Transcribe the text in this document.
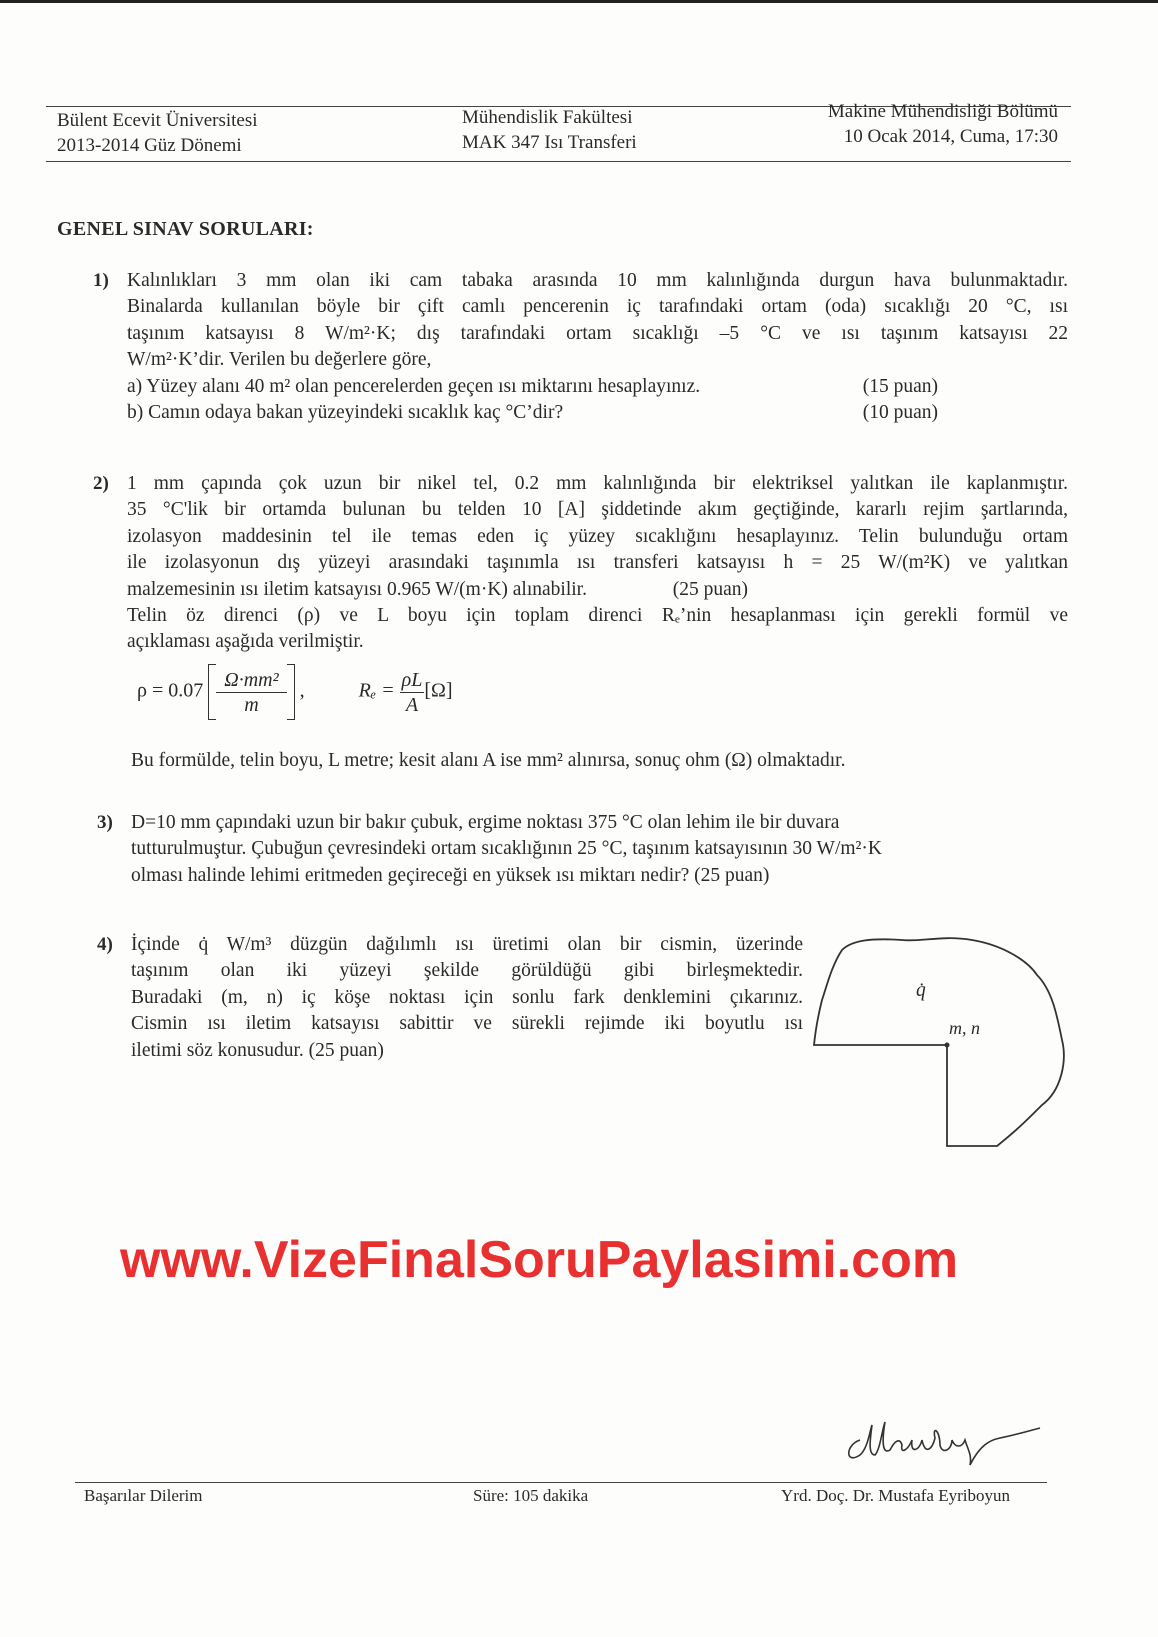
Bülent Ecevit Üniversitesi
2013-2014 Güz Dönemi
Mühendislik Fakültesi
MAK 347 Isı Transferi
Makine Mühendisliği Bölümü
10 Ocak 2014, Cuma, 17:30
GENEL SINAV SORULARI:
1) Kalınlıkları 3 mm olan iki cam tabaka arasında 10 mm kalınlığında durgun hava bulunmaktadır.
Binalarda kullanılan böyle bir çift camlı pencerenin iç tarafındaki ortam (oda) sıcaklığı 20 °C, ısı
taşınım katsayısı 8 W/m²·K; dış tarafındaki ortam sıcaklığı –5 °C ve ısı taşınım katsayısı 22
W/m²·K’dir. Verilen bu değerlere göre,
a) Yüzey alanı 40 m² olan pencerelerden geçen ısı miktarını hesaplayınız.	(15 puan)
b) Camın odaya bakan yüzeyindeki sıcaklık kaç °C’dir?	(10 puan)
2) 1 mm çapında çok uzun bir nikel tel, 0.2 mm kalınlığında bir elektriksel yalıtkan ile kaplanmıştır.
35 °C'lik bir ortamda bulunan bu telden 10 [A] şiddetinde akım geçtiğinde, kararlı rejim şartlarında,
izolasyon maddesinin tel ile temas eden iç yüzey sıcaklığını hesaplayınız. Telin bulunduğu ortam
ile izolasyonun dış yüzeyi arasındaki taşınımla ısı transferi katsayısı h = 25 W/(m²K) ve yalıtkan
malzemesinin ısı iletim katsayısı 0.965 W/(m·K) alınabilir.	(25 puan)
Telin öz direnci (ρ) ve L boyu için toplam direnci Rₑ’nin hesaplanması için gerekli formül ve
açıklaması aşağıda verilmiştir.
$\rho = 0.07 \frac{\text{Ω·mm²}}{m}$ ,	$R_e = \frac{\rho L}{A} [\Omega]$
Bu formülde, telin boyu, L metre; kesit alanı A ise mm² alınırsa, sonuç ohm (Ω) olmaktadır.
3) D=10 mm çapındaki uzun bir bakır çubuk, ergime noktası 375 °C olan lehim ile bir duvara
tutturulmuştur. Çubuğun çevresindeki ortam sıcaklığının 25 °C, taşınım katsayısının 30 W/m²·K
olması halinde lehimi eritmeden geçireceği en yüksek ısı miktarı nedir? (25 puan)
4) İçinde q̇ W/m³ düzgün dağılımlı ısı üretimi olan bir cismin, üzerinde
taşınım olan iki yüzeyi şekilde görüldüğü gibi birleşmektedir.
Buradaki (m, n) iç köşe noktası için sonlu fark denklemini çıkarınız.
Cismin ısı iletim katsayısı sabittir ve sürekli rejimde iki boyutlu ısı
iletimi söz konusudur. (25 puan)
q̇
m, n
www.VizeFinalSoruPaylasimi.com
Başarılar Dilerim	Süre: 105 dakika	Yrd. Doç. Dr. Mustafa Eyriboyun
